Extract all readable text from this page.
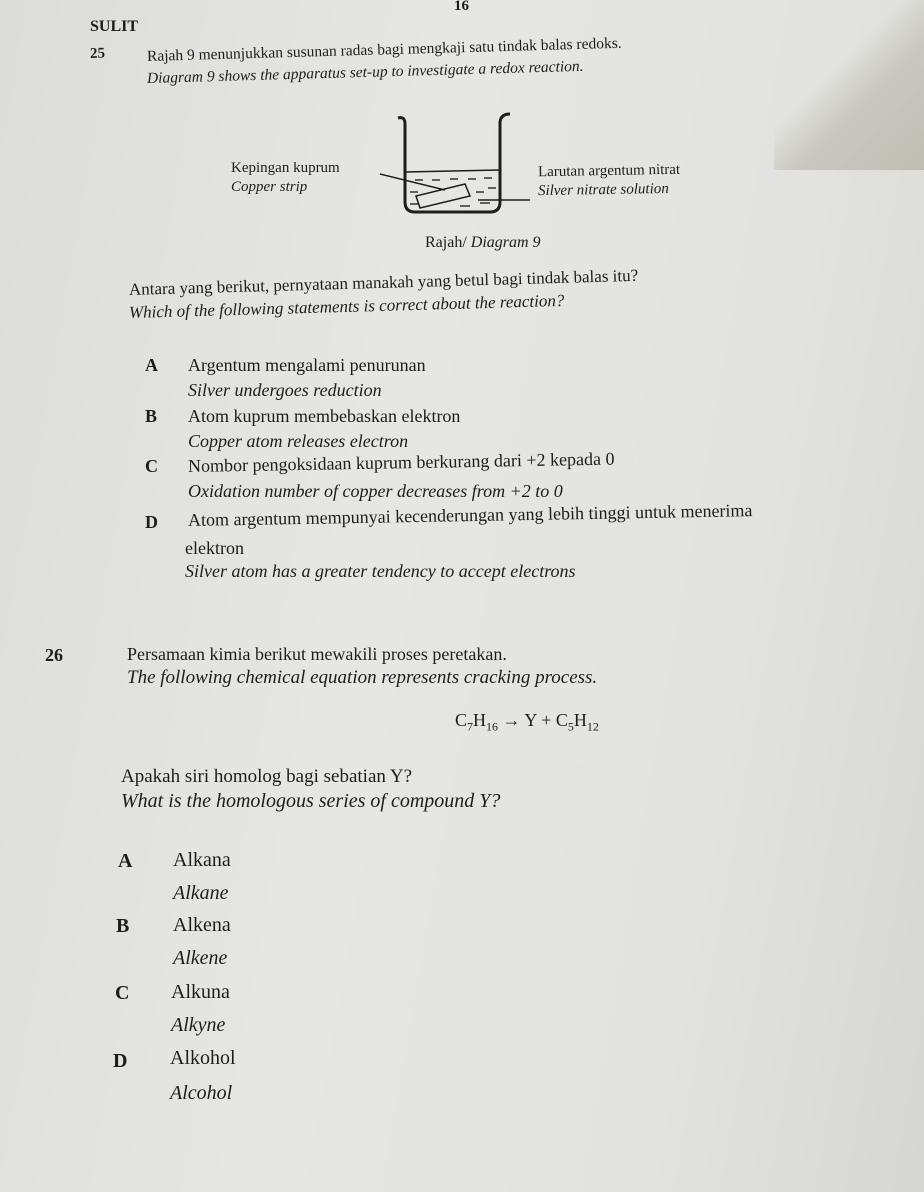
16
SULIT
25	Rajah 9 menunjukkan susunan radas bagi mengkaji satu tindak balas redoks.
Diagram 9 shows the apparatus set-up to investigate a redox reaction.
Kepingan kuprum
Copper strip
Larutan argentum nitrat
Silver nitrate solution
Rajah/ Diagram 9
Antara yang berikut, pernyataan manakah yang betul bagi tindak balas itu?
Which of the following statements is correct about the reaction?
A Argentum mengalami penurunan
Silver undergoes reduction
B Atom kuprum membebaskan elektron
Copper atom releases electron
C Nombor pengoksidaan kuprum berkurang dari +2 kepada 0
Oxidation number of copper decreases from +2 to 0
D Atom argentum mempunyai kecenderungan yang lebih tinggi untuk menerima
elektron
Silver atom has a greater tendency to accept electrons
26	Persamaan kimia berikut mewakili proses peretakan.
The following chemical equation represents cracking process.
$C_7H_{16} \to Y + C_5H_{12}$
Apakah siri homolog bagi sebatian Y?
What is the homologous series of compound Y?
A Alkana
Alkane
B Alkena
Alkene
C Alkuna
Alkyne
D Alkohol
Alcohol
